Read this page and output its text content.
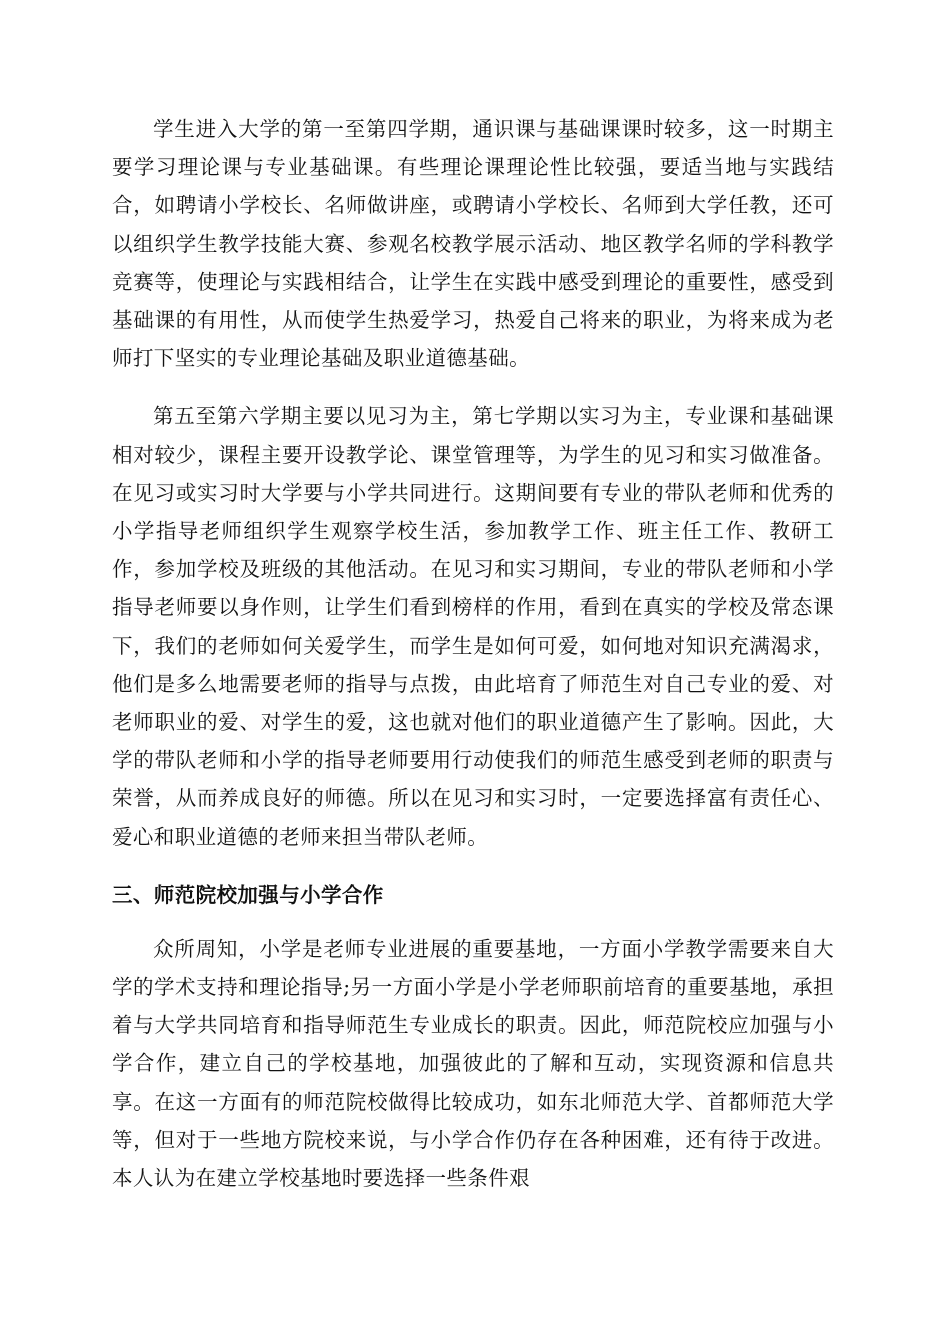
学生进入大学的第一至第四学期，通识课与基础课课时较多，这一时期主要学习理论课与专业基础课。有些理论课理论性比较强，要适当地与实践结合，如聘请小学校长、名师做讲座，或聘请小学校长、名师到大学任教，还可以组织学生教学技能大赛、参观名校教学展示活动、地区教学名师的学科教学竞赛等，使理论与实践相结合，让学生在实践中感受到理论的重要性，感受到基础课的有用性，从而使学生热爱学习，热爱自己将来的职业，为将来成为老师打下坚实的专业理论基础及职业道德基础。

第五至第六学期主要以见习为主，第七学期以实习为主，专业课和基础课相对较少，课程主要开设教学论、课堂管理等，为学生的见习和实习做准备。在见习或实习时大学要与小学共同进行。这期间要有专业的带队老师和优秀的小学指导老师组织学生观察学校生活，参加教学工作、班主任工作、教研工作，参加学校及班级的其他活动。在见习和实习期间，专业的带队老师和小学指导老师要以身作则，让学生们看到榜样的作用，看到在真实的学校及常态课下，我们的老师如何关爱学生，而学生是如何可爱，如何地对知识充满渴求，他们是多么地需要老师的指导与点拨，由此培育了师范生对自己专业的爱、对老师职业的爱、对学生的爱，这也就对他们的职业道德产生了影响。因此，大学的带队老师和小学的指导老师要用行动使我们的师范生感受到老师的职责与荣誉，从而养成良好的师德。所以在见习和实习时，一定要选择富有责任心、爱心和职业道德的老师来担当带队老师。

三、师范院校加强与小学合作

众所周知，小学是老师专业进展的重要基地，一方面小学教学需要来自大学的学术支持和理论指导;另一方面小学是小学老师职前培育的重要基地，承担着与大学共同培育和指导师范生专业成长的职责。因此，师范院校应加强与小学合作，建立自己的学校基地，加强彼此的了解和互动，实现资源和信息共享。在这一方面有的师范院校做得比较成功，如东北师范大学、首都师范大学等，但对于一些地方院校来说，与小学合作仍存在各种困难，还有待于改进。本人认为在建立学校基地时要选择一些条件艰
